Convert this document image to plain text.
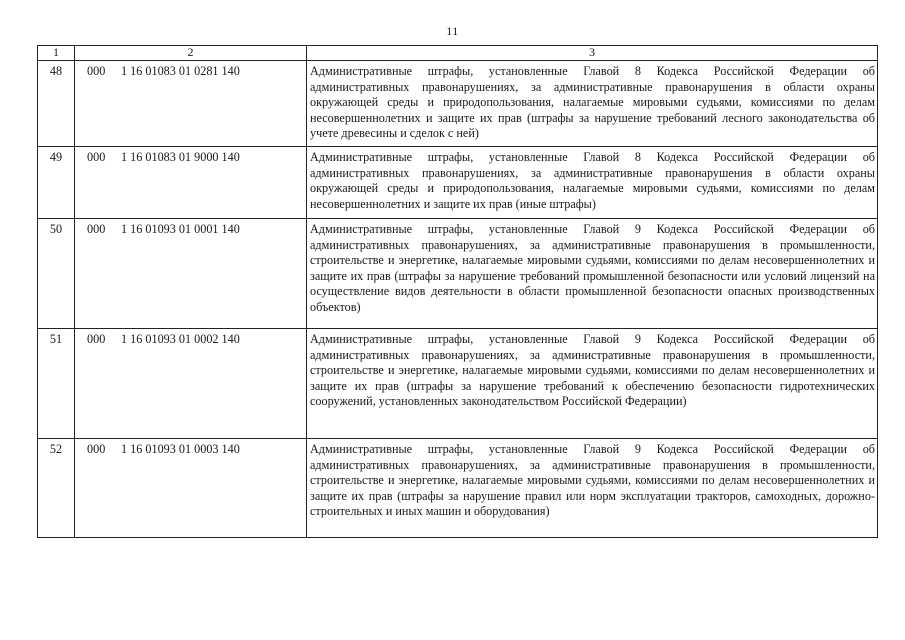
11
1	2	3
48	000 1 16 01083 01 0281 140	Административные штрафы, установленные Главой 8 Кодекса Российской Федерации об административных правонарушениях, за административные правонарушения в области охраны окружающей среды и природопользования, налагаемые мировыми судьями, комиссиями по делам несовершеннолетних и защите их прав (штрафы за нарушение требований лесного законодательства об учете древесины и сделок с ней)
49	000 1 16 01083 01 9000 140	Административные штрафы, установленные Главой 8 Кодекса Российской Федерации об административных правонарушениях, за административные правонарушения в области охраны окружающей среды и природопользования, налагаемые мировыми судьями, комиссиями по делам несовершеннолетних и защите их прав (иные штрафы)
50	000 1 16 01093 01 0001 140	Административные штрафы, установленные Главой 9 Кодекса Российской Федерации об административных правонарушениях, за административные правонарушения в промышленности, строительстве и энергетике, налагаемые мировыми судьями, комиссиями по делам несовершеннолетних и защите их прав (штрафы за нарушение требований промышленной безопасности или условий лицензий на осуществление видов деятельности в области промышленной безопасности опасных производственных объектов)
51	000 1 16 01093 01 0002 140	Административные штрафы, установленные Главой 9 Кодекса Российской Федерации об административных правонарушениях, за административные правонарушения в промышленности, строительстве и энергетике, налагаемые мировыми судьями, комиссиями по делам несовершеннолетних и защите их прав (штрафы за нарушение требований к обеспечению безопасности гидротехнических сооружений, установленных законодательством Российской Федерации)
52	000 1 16 01093 01 0003 140	Административные штрафы, установленные Главой 9 Кодекса Российской Федерации об административных правонарушениях, за административные правонарушения в промышленности, строительстве и энергетике, налагаемые мировыми судьями, комиссиями по делам несовершеннолетних и защите их прав (штрафы за нарушение правил или норм эксплуатации тракторов, самоходных, дорожно-строительных и иных машин и оборудования)
